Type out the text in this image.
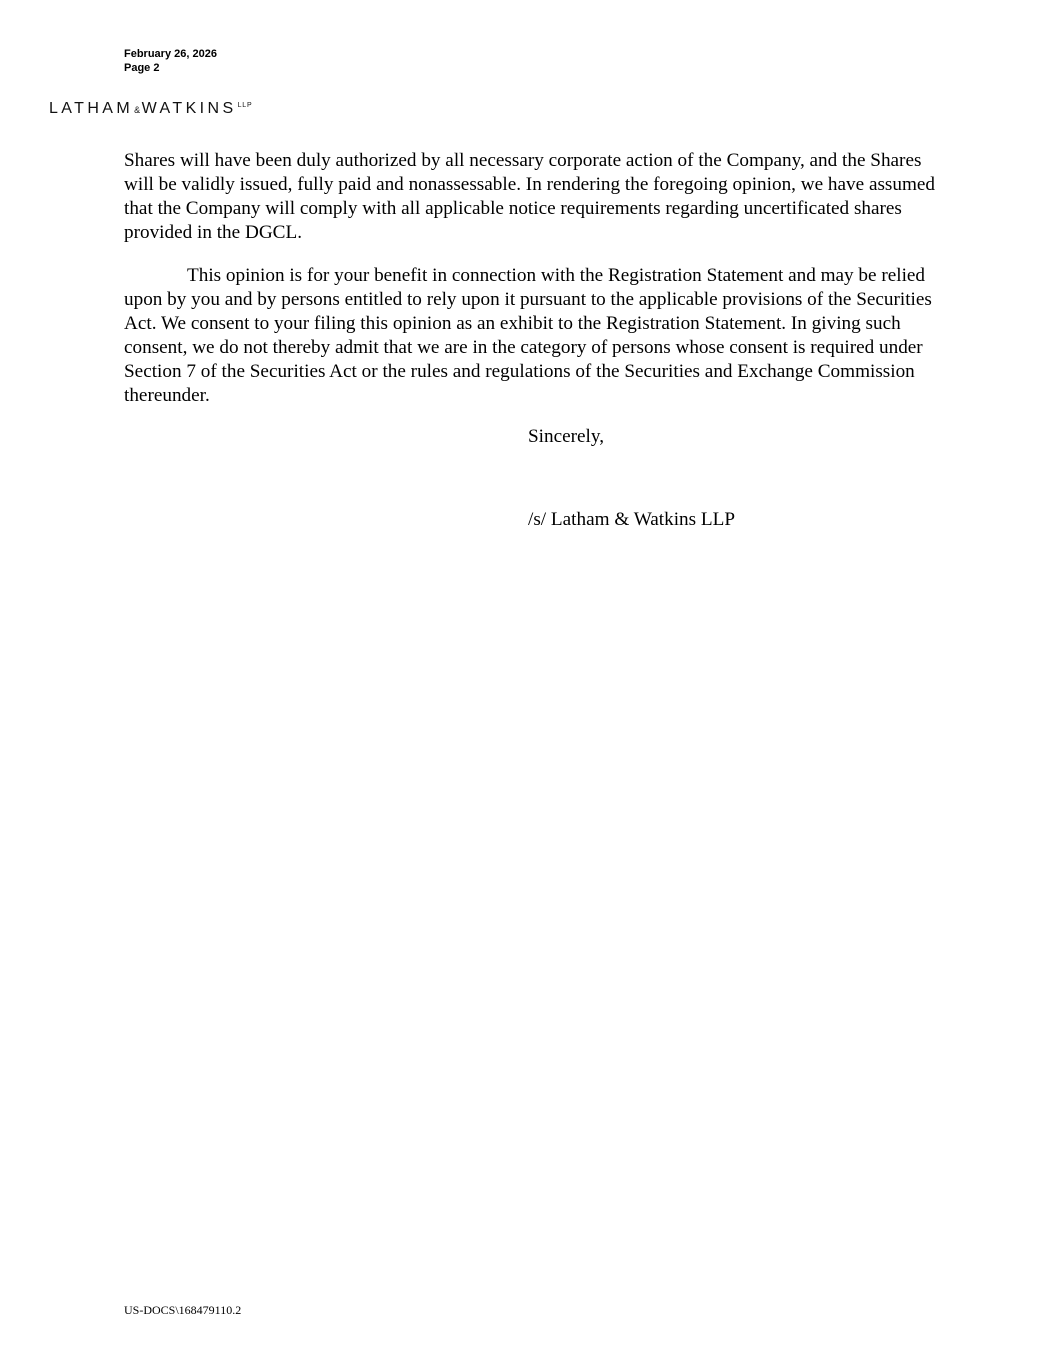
February 26, 2026
Page 2
$LATHAM\&WATKINS^{LLP}$

Shares will have been duly authorized by all necessary corporate action of the Company, and the Shares will be validly issued, fully paid and nonassessable. In rendering the foregoing opinion, we have assumed that the Company will comply with all applicable notice requirements regarding uncertificated shares provided in the DGCL.

This opinion is for your benefit in connection with the Registration Statement and may be relied upon by you and by persons entitled to rely upon it pursuant to the applicable provisions of the Securities Act. We consent to your filing this opinion as an exhibit to the Registration Statement. In giving such consent, we do not thereby admit that we are in the category of persons whose consent is required under Section 7 of the Securities Act or the rules and regulations of the Securities and Exchange Commission thereunder.

Sincerely,
/s/ Latham & Watkins LLP
US-DOCS\168479110.2
